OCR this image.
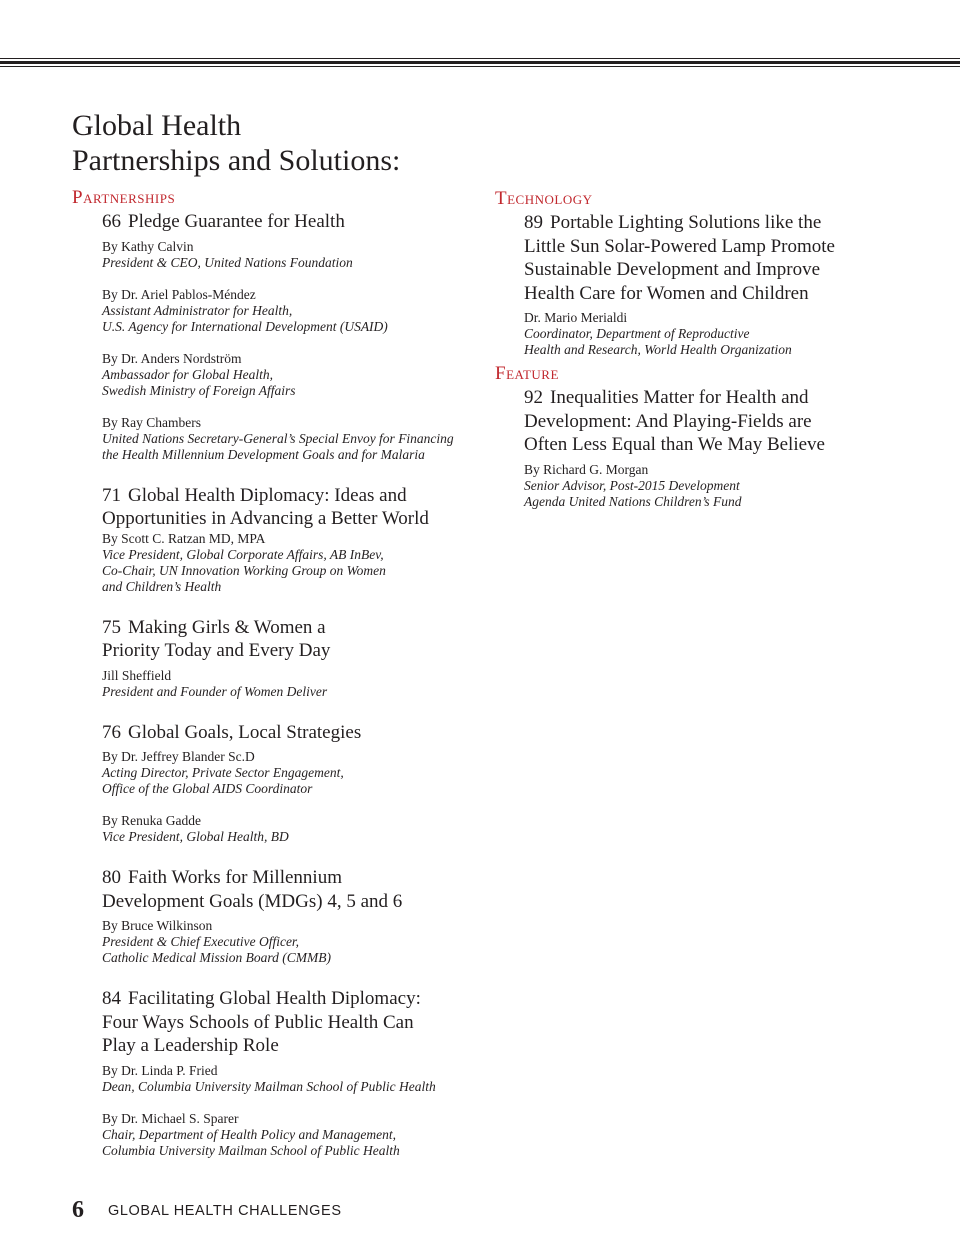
Global Health
Partnerships and Solutions:

Partnerships

66 Pledge Guarantee for Health

By Kathy Calvin

President & CEO, United Nations Foundation

By Dr. Ariel Pablos-Méndez

Assistant Administrator for Health,
U.S. Agency for International Development (USAID)

By Dr. Anders Nordström

Ambassador for Global Health,
Swedish Ministry of Foreign Affairs

By Ray Chambers

United Nations Secretary-General’s Special Envoy for Financing
the Health Millennium Development Goals and for Malaria

71 Global Health Diplomacy: Ideas and
Opportunities in Advancing a Better World

By Scott C. Ratzan MD, MPA

Vice President, Global Corporate Affairs, AB InBev,
Co-Chair, UN Innovation Working Group on Women
and Children’s Health

75 Making Girls & Women a
Priority Today and Every Day

Jill Sheffield

President and Founder of Women Deliver

76 Global Goals, Local Strategies

By Dr. Jeffrey Blander Sc.D

Acting Director, Private Sector Engagement,
Office of the Global AIDS Coordinator

By Renuka Gadde

Vice President, Global Health, BD

80 Faith Works for Millennium
Development Goals (MDGs) 4, 5 and 6

By Bruce Wilkinson

President & Chief Executive Officer,
Catholic Medical Mission Board (CMMB)

84 Facilitating Global Health Diplomacy:
Four Ways Schools of Public Health Can
Play a Leadership Role

By Dr. Linda P. Fried

Dean, Columbia University Mailman School of Public Health

By Dr. Michael S. Sparer

Chair, Department of Health Policy and Management,
Columbia University Mailman School of Public Health

Technology

89 Portable Lighting Solutions like the
Little Sun Solar-Powered Lamp Promote
Sustainable Development and Improve
Health Care for Women and Children

Dr. Mario Merialdi

Coordinator, Department of Reproductive
Health and Research, World Health Organization

Feature

92 Inequalities Matter for Health and
Development: And Playing-Fields are
Often Less Equal than We May Believe

By Richard G. Morgan

Senior Advisor, Post-2015 Development
Agenda United Nations Children’s Fund

6 GLOBAL HEALTH CHALLENGES
